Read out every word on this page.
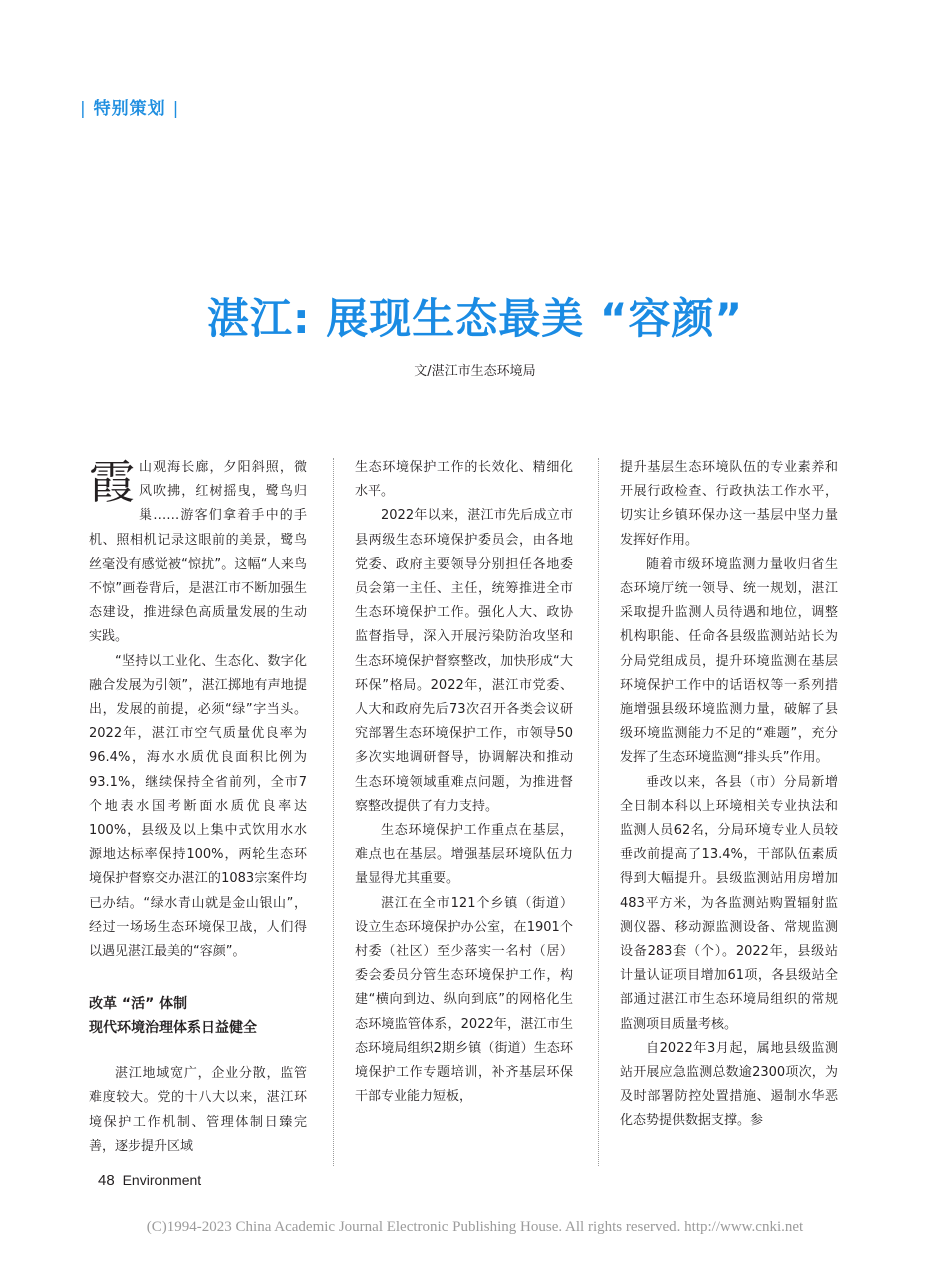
| 特别策划 |
湛江: 展现生态最美 “容颜”
文/湛江市生态环境局

霞山观海长廊，夕阳斜照，微风吹拂，红树摇曳，鹭鸟归巢……游客们拿着手中的手机、照相机记录这眼前的美景，鹭鸟丝毫没有感觉被“惊扰”。这幅“人来鸟不惊”画卷背后，是湛江市不断加强生态建设，推进绿色高质量发展的生动实践。

“坚持以工业化、生态化、数字化融合发展为引领”，湛江掷地有声地提出，发展的前提，必须“绿”字当头。2022年，湛江市空气质量优良率为96.4%，海水水质优良面积比例为93.1%，继续保持全省前列，全市7个地表水国考断面水质优良率达100%，县级及以上集中式饮用水水源地达标率保持100%，两轮生态环境保护督察交办湛江的1083宗案件均已办结。“绿水青山就是金山银山”，经过一场场生态环境保卫战，人们得以遇见湛江最美的“容颜”。

改革 “活” 体制
现代环境治理体系日益健全

湛江地域宽广，企业分散，监管难度较大。党的十八大以来，湛江环境保护工作机制、管理体制日臻完善，逐步提升区域

生态环境保护工作的长效化、精细化水平。

2022年以来，湛江市先后成立市县两级生态环境保护委员会，由各地党委、政府主要领导分别担任各地委员会第一主任、主任，统筹推进全市生态环境保护工作。强化人大、政协监督指导，深入开展污染防治攻坚和生态环境保护督察整改，加快形成“大环保”格局。2022年，湛江市党委、人大和政府先后73次召开各类会议研究部署生态环境保护工作，市领导50多次实地调研督导，协调解决和推动生态环境领域重难点问题，为推进督察整改提供了有力支持。

生态环境保护工作重点在基层，难点也在基层。增强基层环境队伍力量显得尤其重要。

湛江在全市121个乡镇（街道）设立生态环境保护办公室，在1901个村委（社区）至少落实一名村（居）委会委员分管生态环境保护工作，构建“横向到边、纵向到底”的网格化生态环境监管体系，2022年，湛江市生态环境局组织2期乡镇（街道）生态环境保护工作专题培训，补齐基层环保干部专业能力短板，

提升基层生态环境队伍的专业素养和开展行政检查、行政执法工作水平，切实让乡镇环保办这一基层中坚力量发挥好作用。

随着市级环境监测力量收归省生态环境厅统一领导、统一规划，湛江采取提升监测人员待遇和地位，调整机构职能、任命各县级监测站站长为分局党组成员，提升环境监测在基层环境保护工作中的话语权等一系列措施增强县级环境监测力量，破解了县级环境监测能力不足的“难题”，充分发挥了生态环境监测“排头兵”作用。

垂改以来，各县（市）分局新增全日制本科以上环境相关专业执法和监测人员62名，分局环境专业人员较垂改前提高了13.4%，干部队伍素质得到大幅提升。县级监测站用房增加483平方米，为各监测站购置辐射监测仪器、移动源监测设备、常规监测设备283套（个）。2022年，县级站计量认证项目增加61项，各县级站全部通过湛江市生态环境局组织的常规监测项目质量考核。

自2022年3月起，属地县级监测站开展应急监测总数逾2300项次，为及时部署防控处置措施、遏制水华恶化态势提供数据支撑。参

48 Environment
(C)1994-2023 China Academic Journal Electronic Publishing House. All rights reserved. http://www.cnki.net
